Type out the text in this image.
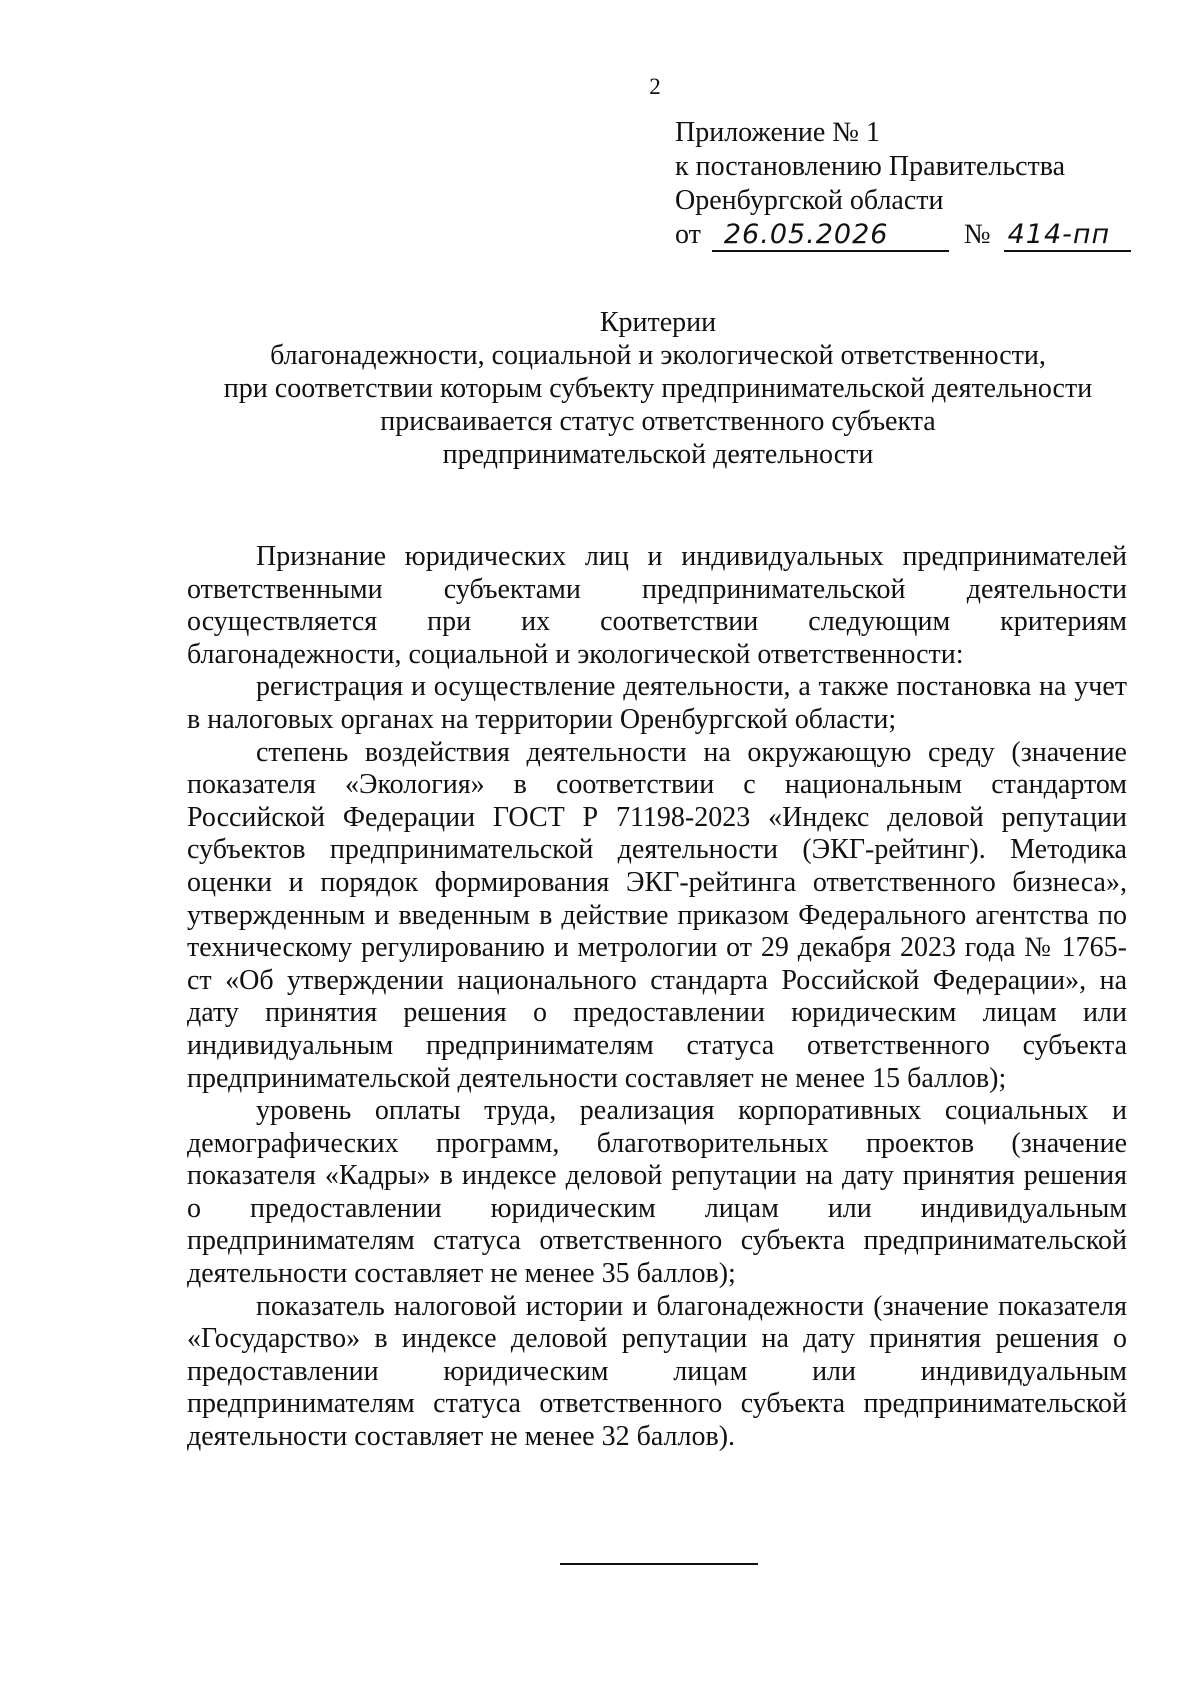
2
Приложение № 1
к постановлению Правительства
Оренбургской области
от 26.05.2026	№ 414-пп
Критерии
благонадежности, социальной и экологической ответственности,
при соответствии которым субъекту предпринимательской деятельности
присваивается статус ответственного субъекта
предпринимательской деятельности

Признание юридических лиц и индивидуальных предпринимателей ответственными субъектами предпринимательской деятельности осуществляется при их соответствии следующим критериям благонадежности, социальной и экологической ответственности:

регистрация и осуществление деятельности, а также постановка на учет в налоговых органах на территории Оренбургской области;

степень воздействия деятельности на окружающую среду (значение показателя «Экология» в соответствии с национальным стандартом Российской Федерации ГОСТ Р 71198-2023 «Индекс деловой репутации субъектов предпринимательской деятельности (ЭКГ-рейтинг). Методика оценки и порядок формирования ЭКГ-рейтинга ответственного бизнеса», утвержденным и введенным в действие приказом Федерального агентства по техническому регулированию и метрологии от 29 декабря 2023 года № 1765-ст «Об утверждении национального стандарта Российской Федерации», на дату принятия решения о предоставлении юридическим лицам или индивидуальным предпринимателям статуса ответственного субъекта предпринимательской деятельности составляет не менее 15 баллов);

уровень оплаты труда, реализация корпоративных социальных и демографических программ, благотворительных проектов (значение показателя «Кадры» в индексе деловой репутации на дату принятия решения о предоставлении юридическим лицам или индивидуальным предпринимателям статуса ответственного субъекта предпринимательской деятельности составляет не менее 35 баллов);

показатель налоговой истории и благонадежности (значение показателя «Государство» в индексе деловой репутации на дату принятия решения о предоставлении юридическим лицам или индивидуальным предпринимателям статуса ответственного субъекта предпринимательской деятельности составляет не менее 32 баллов).
